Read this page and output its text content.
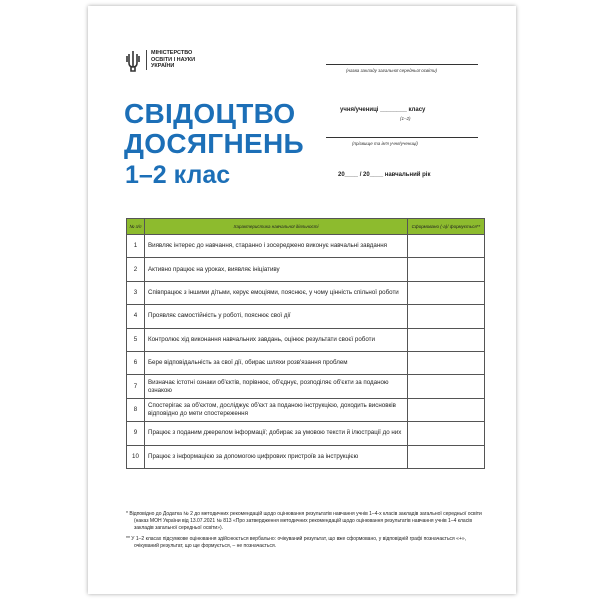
МІНІСТЕРСТВО
ОСВІТИ І НАУКИ
УКРАЇНИ
СВІДОЦТВО
ДОСЯГНЕНЬ
1–2 клас
(назва закладу загальної середньої освіти)
учня/учениці ________ класу
(1–2)
(прізвище та ім'я учня/учениці)
20____ / 20____ навчальний рік
№ з/п	Характеристика навчальної діяльності	Сформовано (-а)/ формується**
1	Виявляє інтерес до навчання, старанно і зосереджено виконує навчальні завдання	
2	Активно працює на уроках, виявляє ініціативу	
3	Співпрацює з іншими дітьми, керує емоціями, пояснює, у чому цінність спільної роботи	
4	Проявляє самостійність у роботі, пояснює свої дії	
5	Контролює хід виконання навчальних завдань, оцінює результати своєї роботи	
6	Бере відповідальність за свої дії, обирає шляхи розв'язання проблем	
7	Визначає істотні ознаки об'єктів, порівнює, об'єднує, розподіляє об'єкти за поданою ознакою	
8	Спостерігає за об'єктом, досліджує об'єкт за поданою інструкцією, доходить висновків відповідно до мети спостереження	
9	Працює з поданим джерелом інформації; добирає за умовою тексти й ілюстрації до них	
10	Працює з інформацією за допомогою цифрових пристроїв за інструкцією	

* Відповідно до Додатка № 2 до методичних рекомендацій щодо оцінювання результатів навчання учнів 1–4-х класів закладів загальної середньої освіти (наказ МОН України від 13.07.2021 № 813 «Про затвердження методичних рекомендацій щодо оцінювання результатів навчання учнів 1–4 класів закладів загальної середньої освіти»).

** У 1–2 класах підсумкове оцінювання здійснюється вербально: очікуваний результат, що вже сформовано, у відповідній графі позначається «+», очікуваний результат, що ще формується, – не позначається.
